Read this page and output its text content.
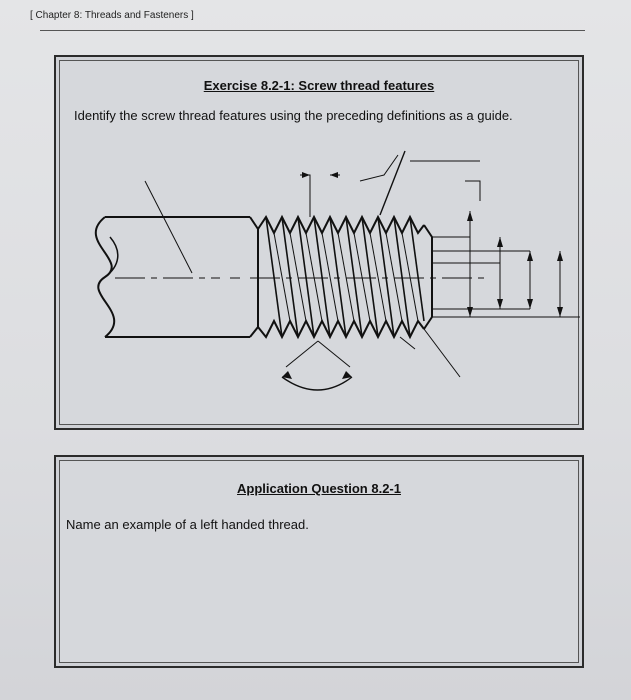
[ Chapter 8: Threads and Fasteners ]
Exercise 8.2-1: Screw thread features
Identify the screw thread features using the preceding definitions as a guide.
Application Question 8.2-1
Name an example of a left handed thread.
